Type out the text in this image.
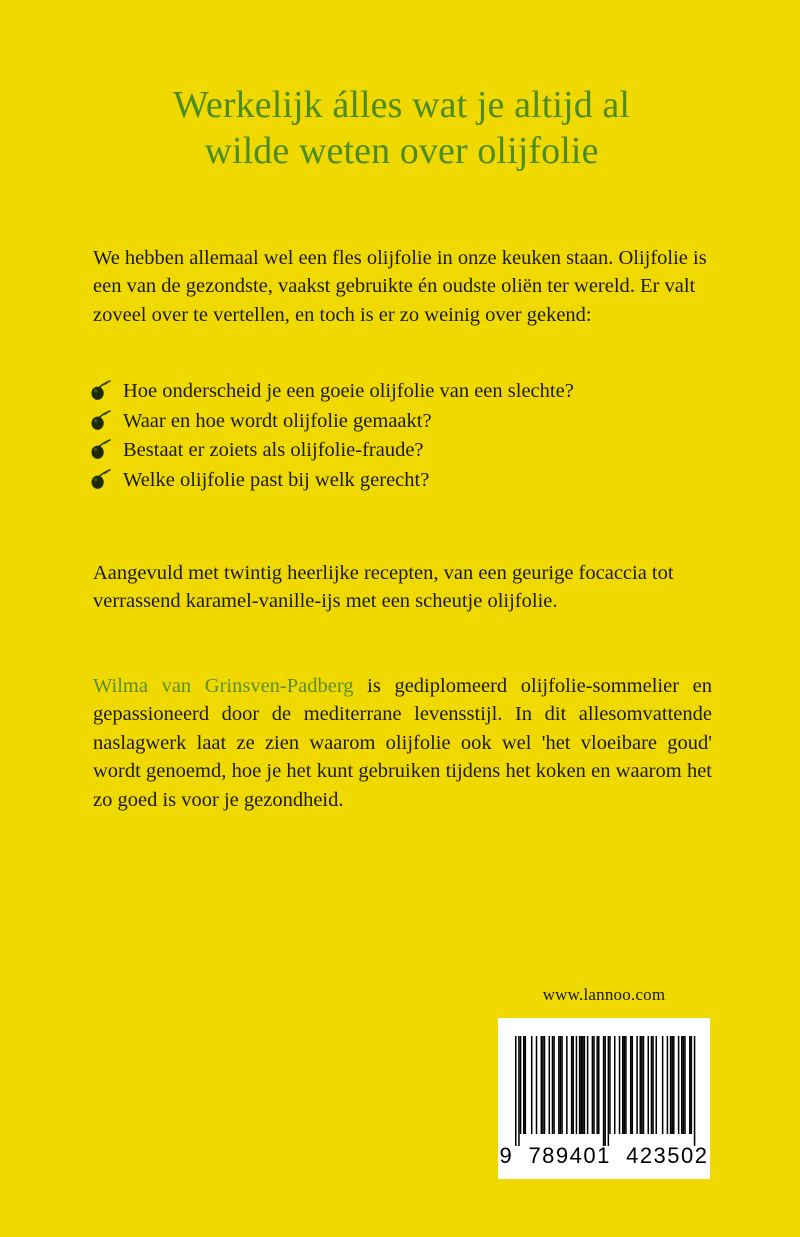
Werkelijk álles wat je altijd al
wilde weten over olijfolie

We hebben allemaal wel een fles olijfolie in onze keuken staan. Olijfolie is een van de gezondste, vaakst gebruikte én oudste oliën ter wereld. Er valt zoveel over te vertellen, en toch is er zo weinig over gekend:

Hoe onderscheid je een goeie olijfolie van een slechte?
Waar en hoe wordt olijfolie gemaakt?
Bestaat er zoiets als olijfolie-fraude?
Welke olijfolie past bij welk gerecht?

Aangevuld met twintig heerlijke recepten, van een geurige focaccia tot verrassend karamel-vanille-ijs met een scheutje olijfolie.

Wilma van Grinsven-Padberg is gediplomeerd olijfolie-sommelier en gepassioneerd door de mediterrane levensstijl. In dit allesomvattende naslagwerk laat ze zien waarom olijfolie ook wel 'het vloeibare goud' wordt genoemd, hoe je het kunt gebruiken tijdens het koken en waarom het zo goed is voor je gezondheid.

www.lannoo.com
9  789401  423502
